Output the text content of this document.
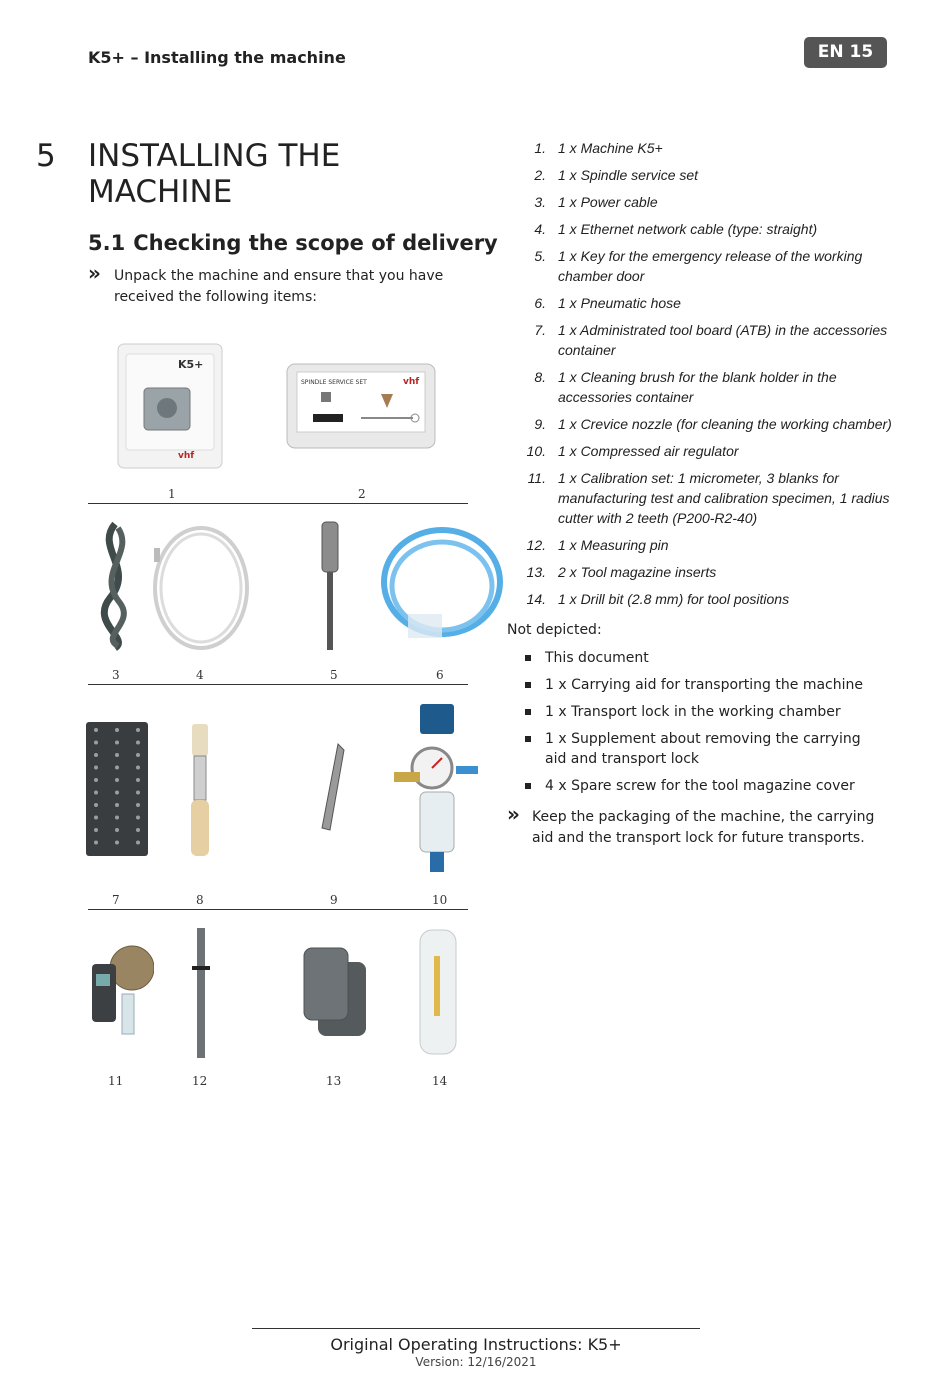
K5+ – Installing the machine	EN 15
5 INSTALLING THE MACHINE
5.1 Checking the scope of delivery
» Unpack the machine and ensure that you have received the following items:
K5+
vhf
SPINDLE SERVICE SET	vhf
1	2
3	4	5	6
7	8	9	10
11	12	13	14
1. 1 x Machine K5+
2. 1 x Spindle service set
3. 1 x Power cable
4. 1 x Ethernet network cable (type: straight)
5. 1 x Key for the emergency release of the working chamber door
6. 1 x Pneumatic hose
7. 1 x Administrated tool board (ATB) in the accessories container
8. 1 x Cleaning brush for the blank holder in the accessories container
9. 1 x Crevice nozzle (for cleaning the working chamber)
10. 1 x Compressed air regulator
11. 1 x Calibration set: 1 micrometer, 3 blanks for manufacturing test and calibration specimen, 1 radius cutter with 2 teeth (P200-R2-40)
12. 1 x Measuring pin
13. 2 x Tool magazine inserts
14. 1 x Drill bit (2.8 mm) for tool positions
Not depicted:
This document
1 x Carrying aid for transporting the machine
1 x Transport lock in the working chamber
1 x Supplement about removing the carrying aid and transport lock
4 x Spare screw for the tool magazine cover
» Keep the packaging of the machine, the carrying aid and the transport lock for future transports.
Original Operating Instructions: K5+
Version: 12/16/2021
